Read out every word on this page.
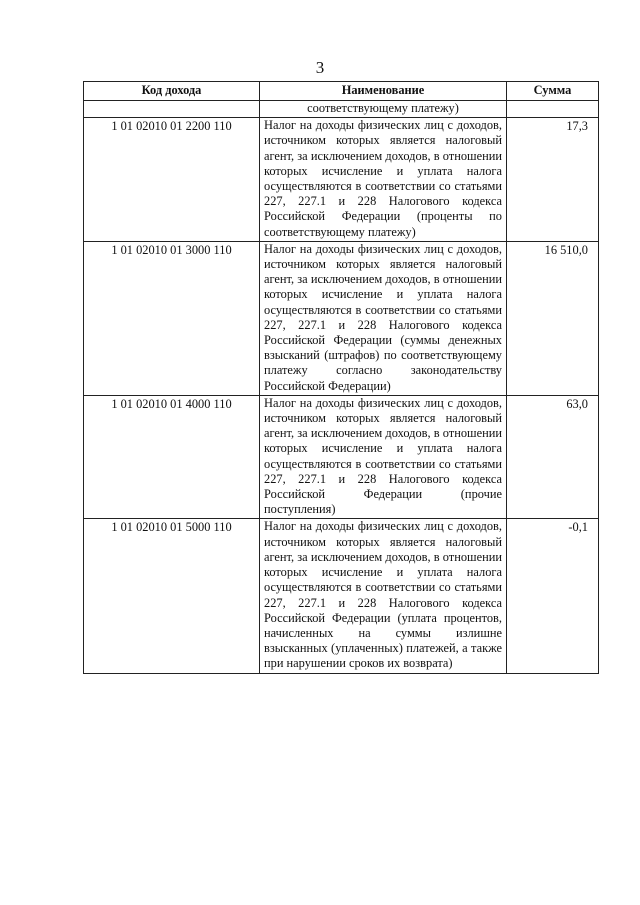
3
Код дохода	Наименование	Сумма
	соответствующему платежу)	
1 01 02010 01 2200 110	Налог на доходы физических лиц с доходов, источником которых является налоговый агент, за исключением доходов, в отношении которых исчисление и уплата налога осуществляются в соответствии со статьями 227, 227.1 и 228 Налогового кодекса Российской Федерации (проценты по соответствующему платежу)	17,3
1 01 02010 01 3000 110	Налог на доходы физических лиц с доходов, источником которых является налоговый агент, за исключением доходов, в отношении которых исчисление и уплата налога осуществляются в соответствии со статьями 227, 227.1 и 228 Налогового кодекса Российской Федерации (суммы денежных взысканий (штрафов) по соответствующему платежу согласно законодательству Российской Федерации)	16 510,0
1 01 02010 01 4000 110	Налог на доходы физических лиц с доходов, источником которых является налоговый агент, за исключением доходов, в отношении которых исчисление и уплата налога осуществляются в соответствии со статьями 227, 227.1 и 228 Налогового кодекса Российской Федерации (прочие поступления)	63,0
1 01 02010 01 5000 110	Налог на доходы физических лиц с доходов, источником которых является налоговый агент, за исключением доходов, в отношении которых исчисление и уплата налога осуществляются в соответствии со статьями 227, 227.1 и 228 Налогового кодекса Российской Федерации (уплата процентов, начисленных на суммы излишне взысканных (уплаченных) платежей, а также при нарушении сроков их возврата)	-0,1
